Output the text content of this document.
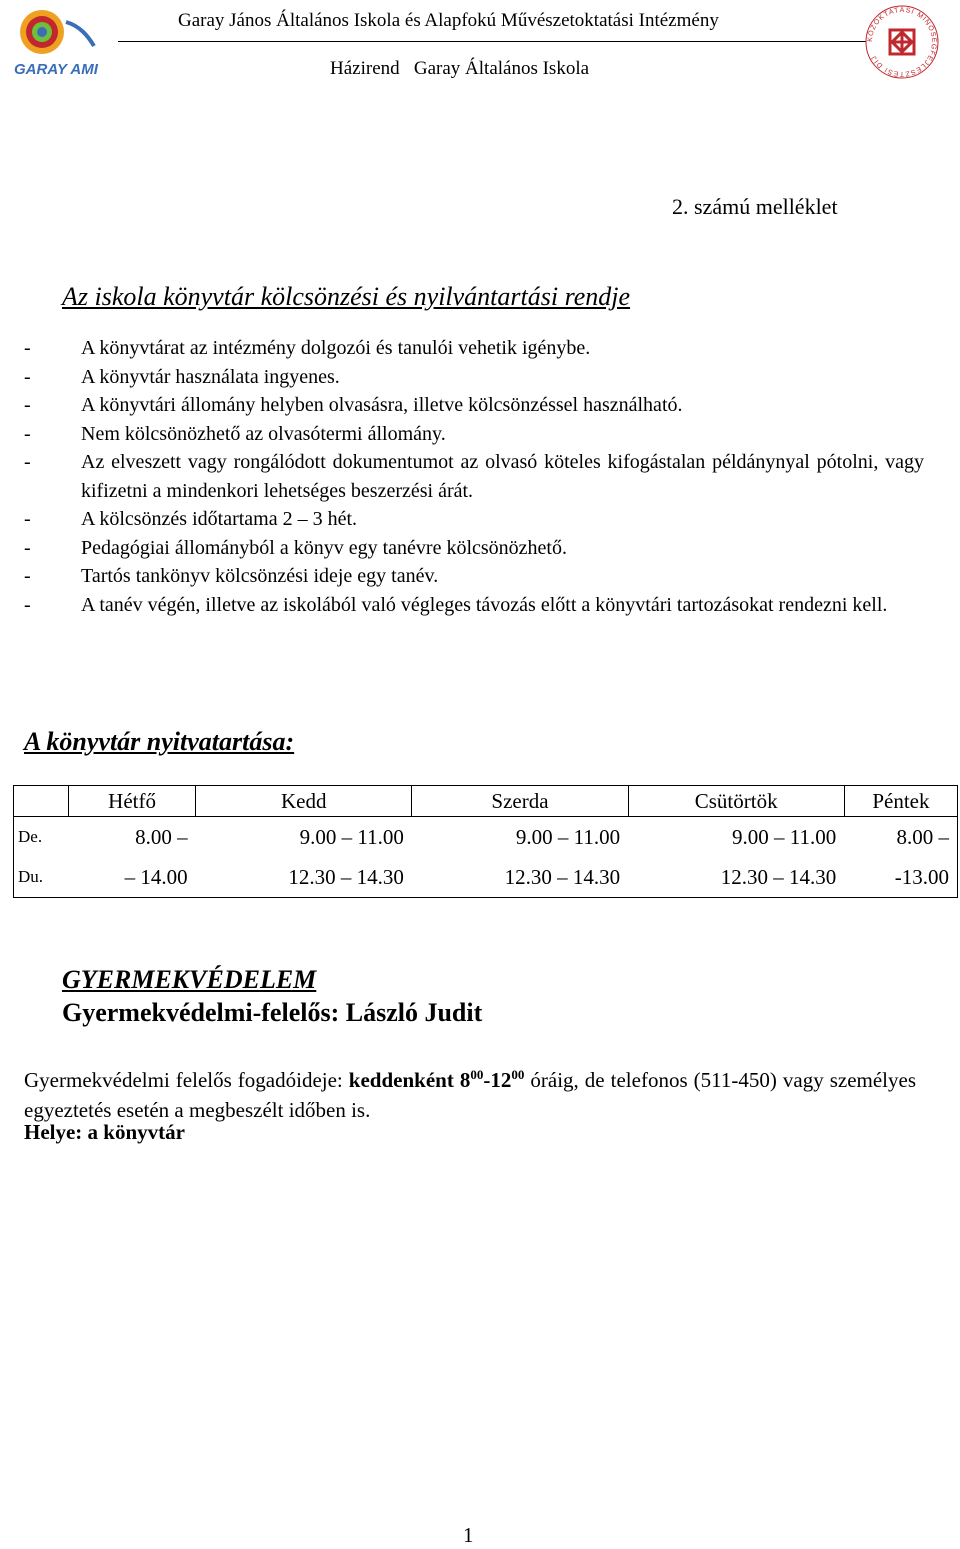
GARAY AMI
Garay János Általános Iskola és Alapfokú Művészetoktatási Intézmény
Házirend   Garay Általános Iskola
KÖZOKTATÁSI MINŐSÉGFEJLESZTÉSI DÍJ
2. számú melléklet
Az iskola könyvtár kölcsönzési és nyilvántartási rendje
-	A könyvtárat az intézmény dolgozói és tanulói vehetik igénybe.
-	A könyvtár használata ingyenes.
-	A könyvtári állomány helyben olvasásra, illetve kölcsönzéssel használható.
-	Nem kölcsönözhető az olvasótermi állomány.
-	Az elveszett vagy rongálódott dokumentumot az olvasó köteles kifogástalan példánynyal pótolni, vagy kifizetni a mindenkori lehetséges beszerzési árát.
-	A kölcsönzés időtartama 2 – 3 hét.
-	Pedagógiai állományból a könyv egy tanévre kölcsönözhető.
-	Tartós tankönyv kölcsönzési ideje egy tanév.
-	A tanév végén, illetve az iskolából való végleges távozás előtt a könyvtári tartozásokat rendezni kell.
A könyvtár nyitvatartása:
	Hétfő	Kedd	Szerda	Csütörtök	Péntek
De.	8.00 –	9.00 – 11.00	9.00 – 11.00	9.00 – 11.00	8.00 –
Du.	– 14.00	12.30 – 14.30	12.30 – 14.30	12.30 – 14.30	-13.00
GYERMEKVÉDELEM
Gyermekvédelmi-felelős: László Judit
Gyermekvédelmi felelős fogadóideje: keddenként $8^{00}-12^{00}$ óráig, de telefonos (511-450) vagy személyes egyeztetés esetén a megbeszélt időben is.
Helye: a könyvtár
1
